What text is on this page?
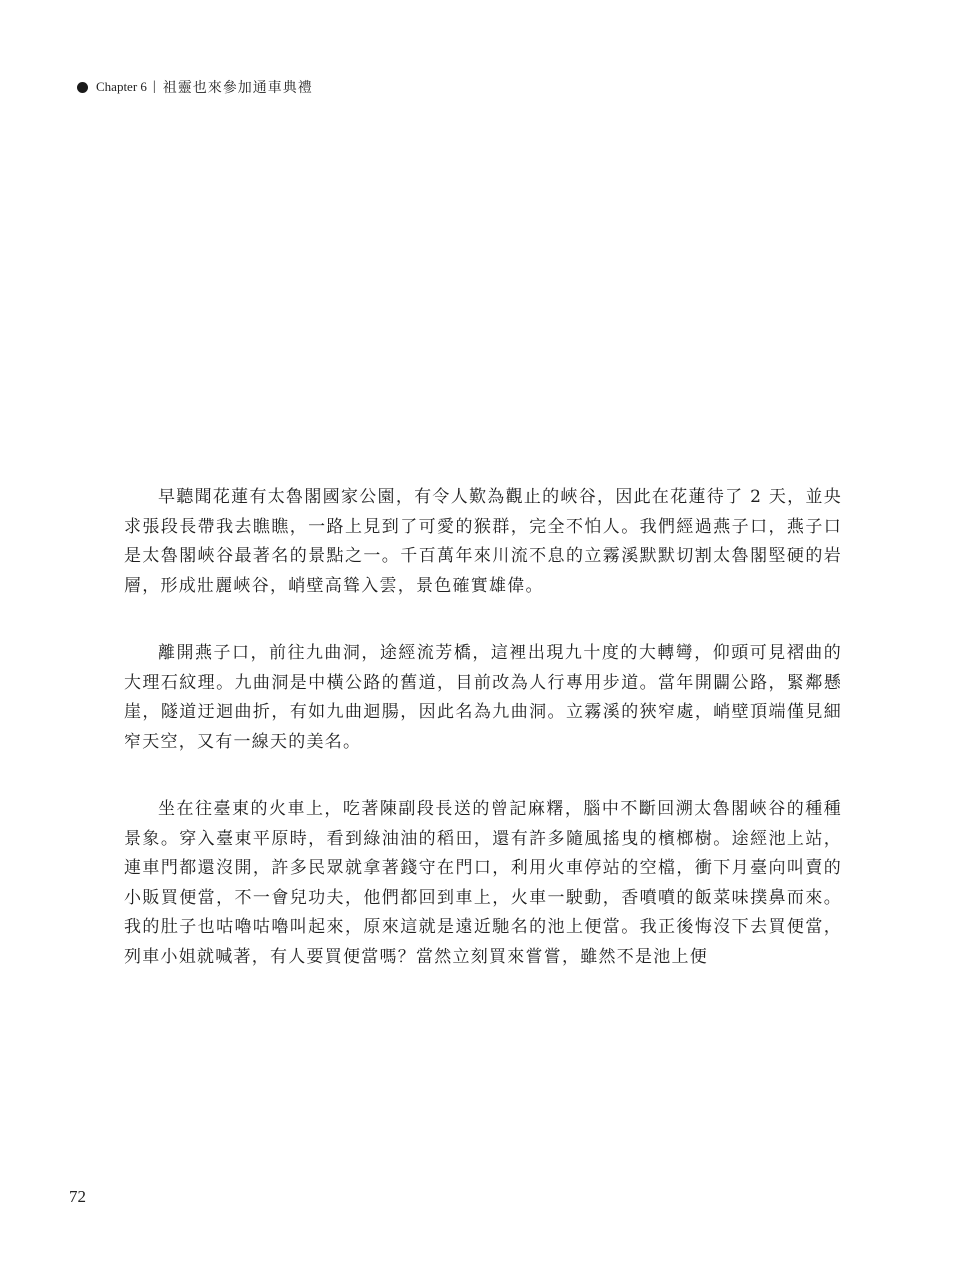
Chapter 6 | 祖靈也來參加通車典禮

早聽聞花蓮有太魯閣國家公園，有令人歎為觀止的峽谷，因此在花蓮待了 2 天，並央求張段長帶我去瞧瞧，一路上見到了可愛的猴群，完全不怕人。我們經過燕子口，燕子口是太魯閣峽谷最著名的景點之一。千百萬年來川流不息的立霧溪默默切割太魯閣堅硬的岩層，形成壯麗峽谷，峭壁高聳入雲，景色確實雄偉。

離開燕子口，前往九曲洞，途經流芳橋，這裡出現九十度的大轉彎，仰頭可見褶曲的大理石紋理。九曲洞是中橫公路的舊道，目前改為人行專用步道。當年開闢公路，緊鄰懸崖，隧道迂迴曲折，有如九曲迴腸，因此名為九曲洞。立霧溪的狹窄處，峭壁頂端僅見細窄天空，又有一線天的美名。

坐在往臺東的火車上，吃著陳副段長送的曾記麻糬，腦中不斷回溯太魯閣峽谷的種種景象。穿入臺東平原時，看到綠油油的稻田，還有許多隨風搖曳的檳榔樹。途經池上站，連車門都還沒開，許多民眾就拿著錢守在門口，利用火車停站的空檔，衝下月臺向叫賣的小販買便當，不一會兒功夫，他們都回到車上，火車一駛動，香噴噴的飯菜味撲鼻而來。我的肚子也咕嚕咕嚕叫起來，原來這就是遠近馳名的池上便當。我正後悔沒下去買便當，列車小姐就喊著，有人要買便當嗎？當然立刻買來嘗嘗，雖然不是池上便

72
